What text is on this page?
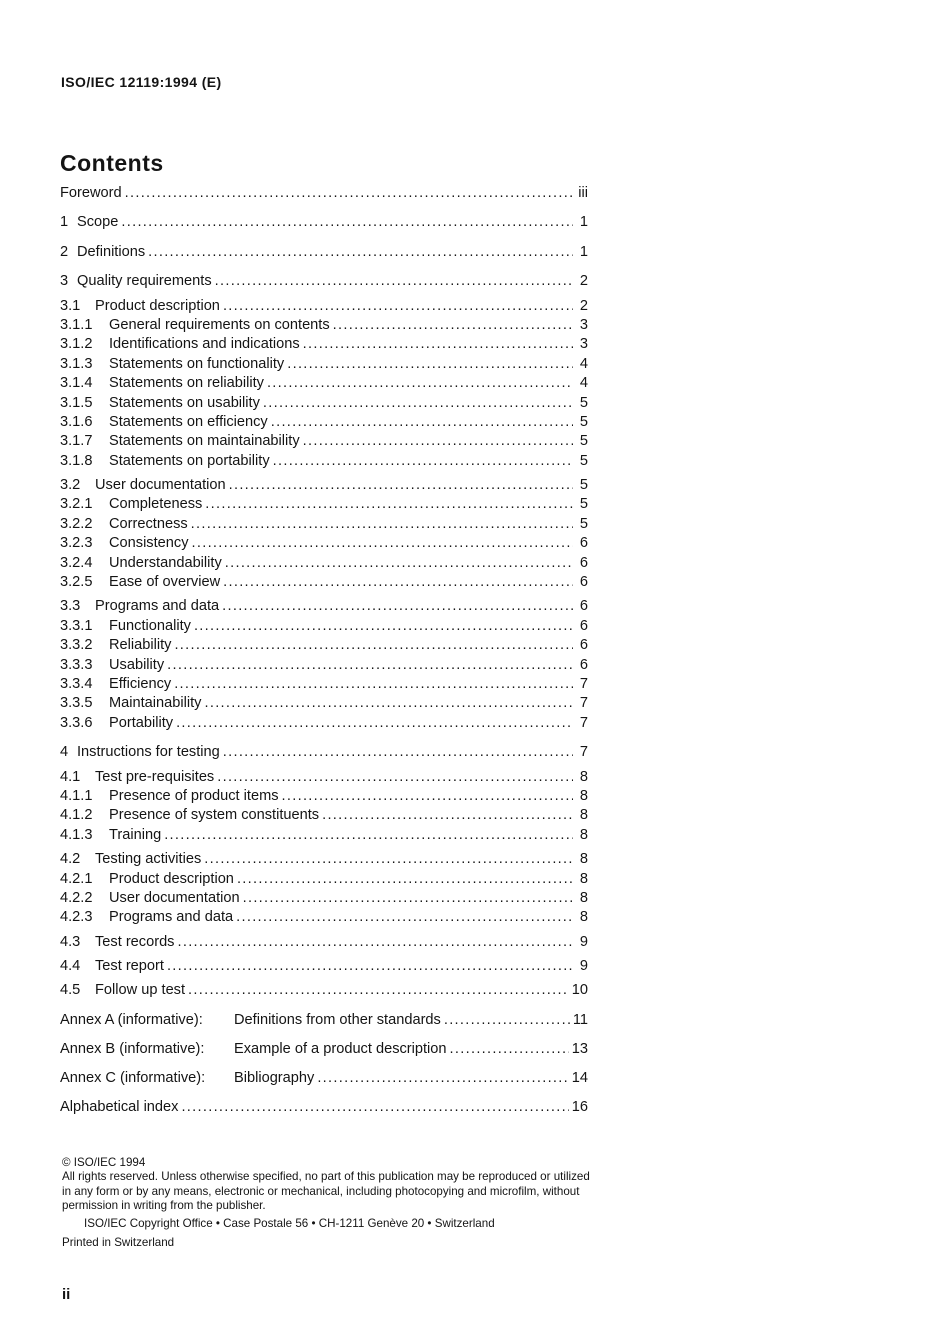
ISO/IEC 12119:1994 (E)
Contents
Foreword .....	iii
1 Scope .....	1
2 Definitions .....	1
3 Quality requirements .....	2
3.1	Product description .....	2
3.1.1	General requirements on contents .....	3
3.1.2	Identifications and indications .....	3
3.1.3	Statements on functionality .....	4
3.1.4	Statements on reliability .....	4
3.1.5	Statements on usability .....	5
3.1.6	Statements on efficiency .....	5
3.1.7	Statements on maintainability .....	5
3.1.8	Statements on portability .....	5
3.2	User documentation .....	5
3.2.1	Completeness .....	5
3.2.2	Correctness .....	5
3.2.3	Consistency .....	6
3.2.4	Understandability .....	6
3.2.5	Ease of overview .....	6
3.3	Programs and data .....	6
3.3.1	Functionality .....	6
3.3.2	Reliability .....	6
3.3.3	Usability .....	6
3.3.4	Efficiency .....	7
3.3.5	Maintainability .....	7
3.3.6	Portability .....	7
4 Instructions for testing .....	7
4.1	Test pre-requisites .....	8
4.1.1	Presence of product items .....	8
4.1.2	Presence of system constituents .....	8
4.1.3	Training .....	8
4.2	Testing activities .....	8
4.2.1	Product description .....	8
4.2.2	User documentation .....	8
4.2.3	Programs and data .....	8
4.3	Test records .....	9
4.4	Test report .....	9
4.5	Follow up test .....	10
Annex A (informative):	Definitions from other standards .....	11
Annex B (informative):	Example of a product description .....	13
Annex C (informative):	Bibliography .....	14
Alphabetical index .....	16

© ISO/IEC 1994

All rights reserved. Unless otherwise specified, no part of this publication may be reproduced or utilized in any form or by any means, electronic or mechanical, including photocopying and microfilm, without permission in writing from the publisher.

ISO/IEC Copyright Office • Case Postale 56 • CH-1211 Genève 20 • Switzerland

Printed in Switzerland

ii
